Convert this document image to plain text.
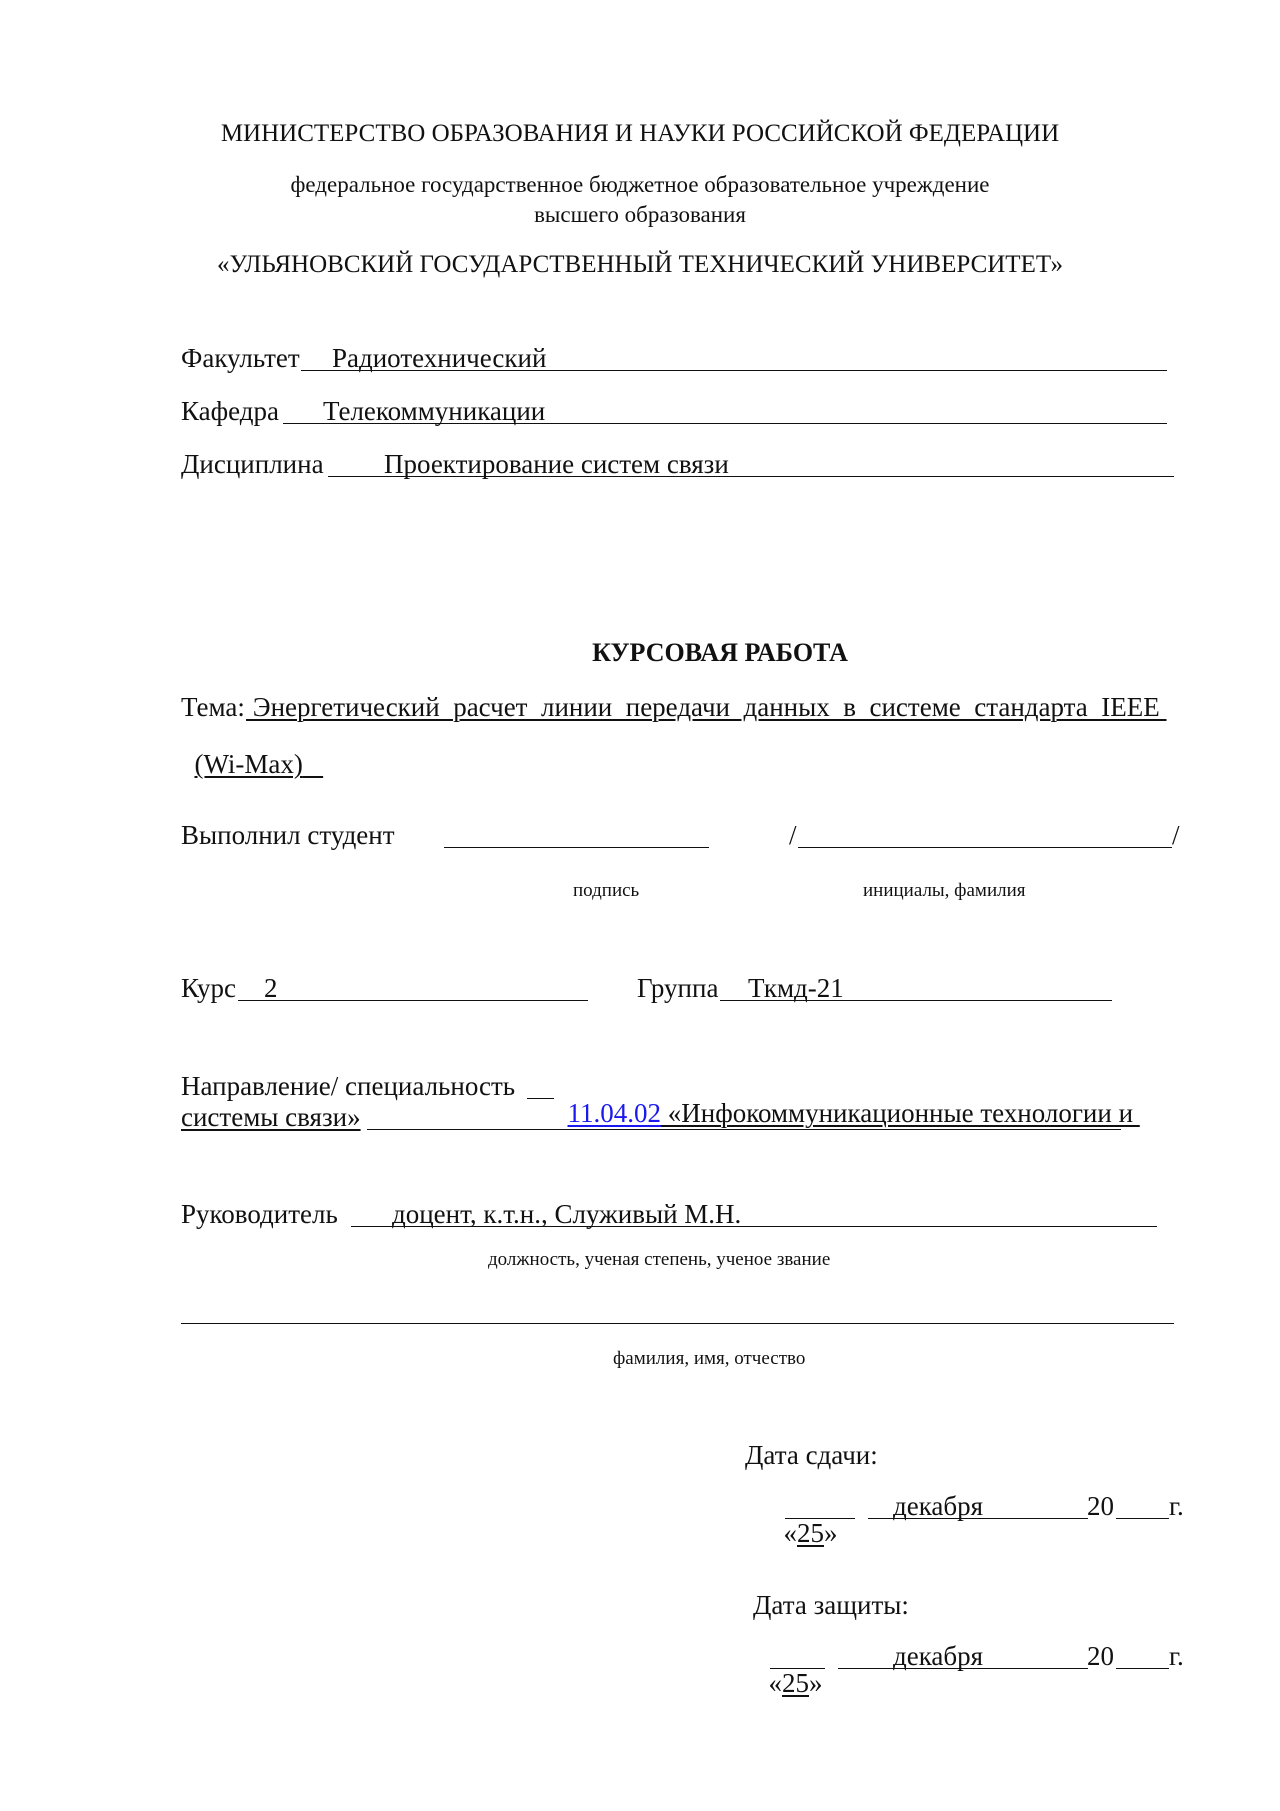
МИНИСТЕРСТВО ОБРАЗОВАНИЯ И НАУКИ РОССИЙСКОЙ ФЕДЕРАЦИИ
федеральное государственное бюджетное образовательное учреждение
высшего образования
«УЛЬЯНОВСКИЙ ГОСУДАРСТВЕННЫЙ ТЕХНИЧЕСКИЙ УНИВЕРСИТЕТ»
Факультет Радиотехнический
Кафедра Телекоммуникации
Дисциплина Проектирование систем связи
КУРСОВАЯ РАБОТА
Тема: Энергетический  расчет  линии  передачи  данных  в  системе  стандарта  IEEE

(Wi-Max)

Выполнил студент	/	/
подпись	инициалы, фамилия
Курс 2	Группа Ткмд-21
Направление/ специальность

11.04.02 «Инфокоммуникационные технологии и

системы связи»
Руководитель доцент, к.т.н., Служивый М.Н.
должность, ученая степень, ученое звание
фамилия, имя, отчество
Дата сдачи:

«25»

декабря	20 г.
Дата защиты:

«25»

декабря	20 г.
